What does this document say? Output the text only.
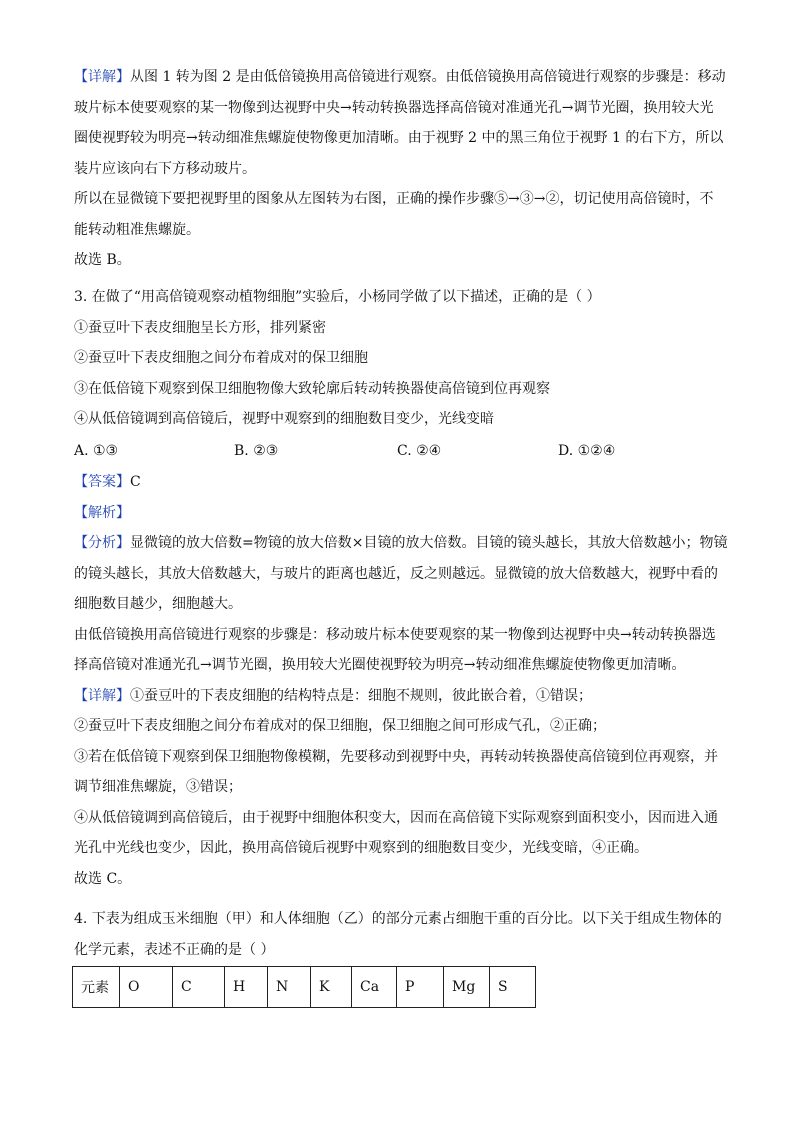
【详解】从图 1 转为图 2 是由低倍镜换用高倍镜进行观察。由低倍镜换用高倍镜进行观察的步骤是：移动
玻片标本使要观察的某一物像到达视野中央→转动转换器选择高倍镜对准通光孔→调节光圈，换用较大光
圈使视野较为明亮→转动细准焦螺旋使物像更加清晰。由于视野 2 中的黑三角位于视野 1 的右下方，所以
装片应该向右下方移动玻片。
所以在显微镜下要把视野里的图象从左图转为右图，正确的操作步骤⑤→③→②，切记使用高倍镜时，不
能转动粗准焦螺旋。
故选 B。
3. 在做了“用高倍镜观察动植物细胞”实验后，小杨同学做了以下描述，正确的是（ ）
①蚕豆叶下表皮细胞呈长方形，排列紧密
②蚕豆叶下表皮细胞之间分布着成对的保卫细胞
③在低倍镜下观察到保卫细胞物像大致轮廓后转动转换器使高倍镜到位再观察
④从低倍镜调到高倍镜后，视野中观察到的细胞数目变少，光线变暗
A. ①③	B. ②③	C. ②④	D. ①②④
【答案】C
【解析】
【分析】显微镜的放大倍数=物镜的放大倍数×目镜的放大倍数。目镜的镜头越长，其放大倍数越小；物镜
的镜头越长，其放大倍数越大，与玻片的距离也越近，反之则越远。显微镜的放大倍数越大，视野中看的
细胞数目越少，细胞越大。
由低倍镜换用高倍镜进行观察的步骤是：移动玻片标本使要观察的某一物像到达视野中央→转动转换器选
择高倍镜对准通光孔→调节光圈，换用较大光圈使视野较为明亮→转动细准焦螺旋使物像更加清晰。
【详解】①蚕豆叶的下表皮细胞的结构特点是：细胞不规则，彼此嵌合着，①错误；
②蚕豆叶下表皮细胞之间分布着成对的保卫细胞，保卫细胞之间可形成气孔，②正确；
③若在低倍镜下观察到保卫细胞物像模糊，先要移动到视野中央，再转动转换器使高倍镜到位再观察，并
调节细准焦螺旋，③错误；
④从低倍镜调到高倍镜后，由于视野中细胞体积变大，因而在高倍镜下实际观察到面积变小，因而进入通
光孔中光线也变少，因此，换用高倍镜后视野中观察到的细胞数目变少，光线变暗，④正确。
故选 C。
4. 下表为组成玉米细胞（甲）和人体细胞（乙）的部分元素占细胞干重的百分比。以下关于组成生物体的
化学元素，表述不正确的是（ ）
元素	O	C	H	N	K	Ca	P	Mg	S
